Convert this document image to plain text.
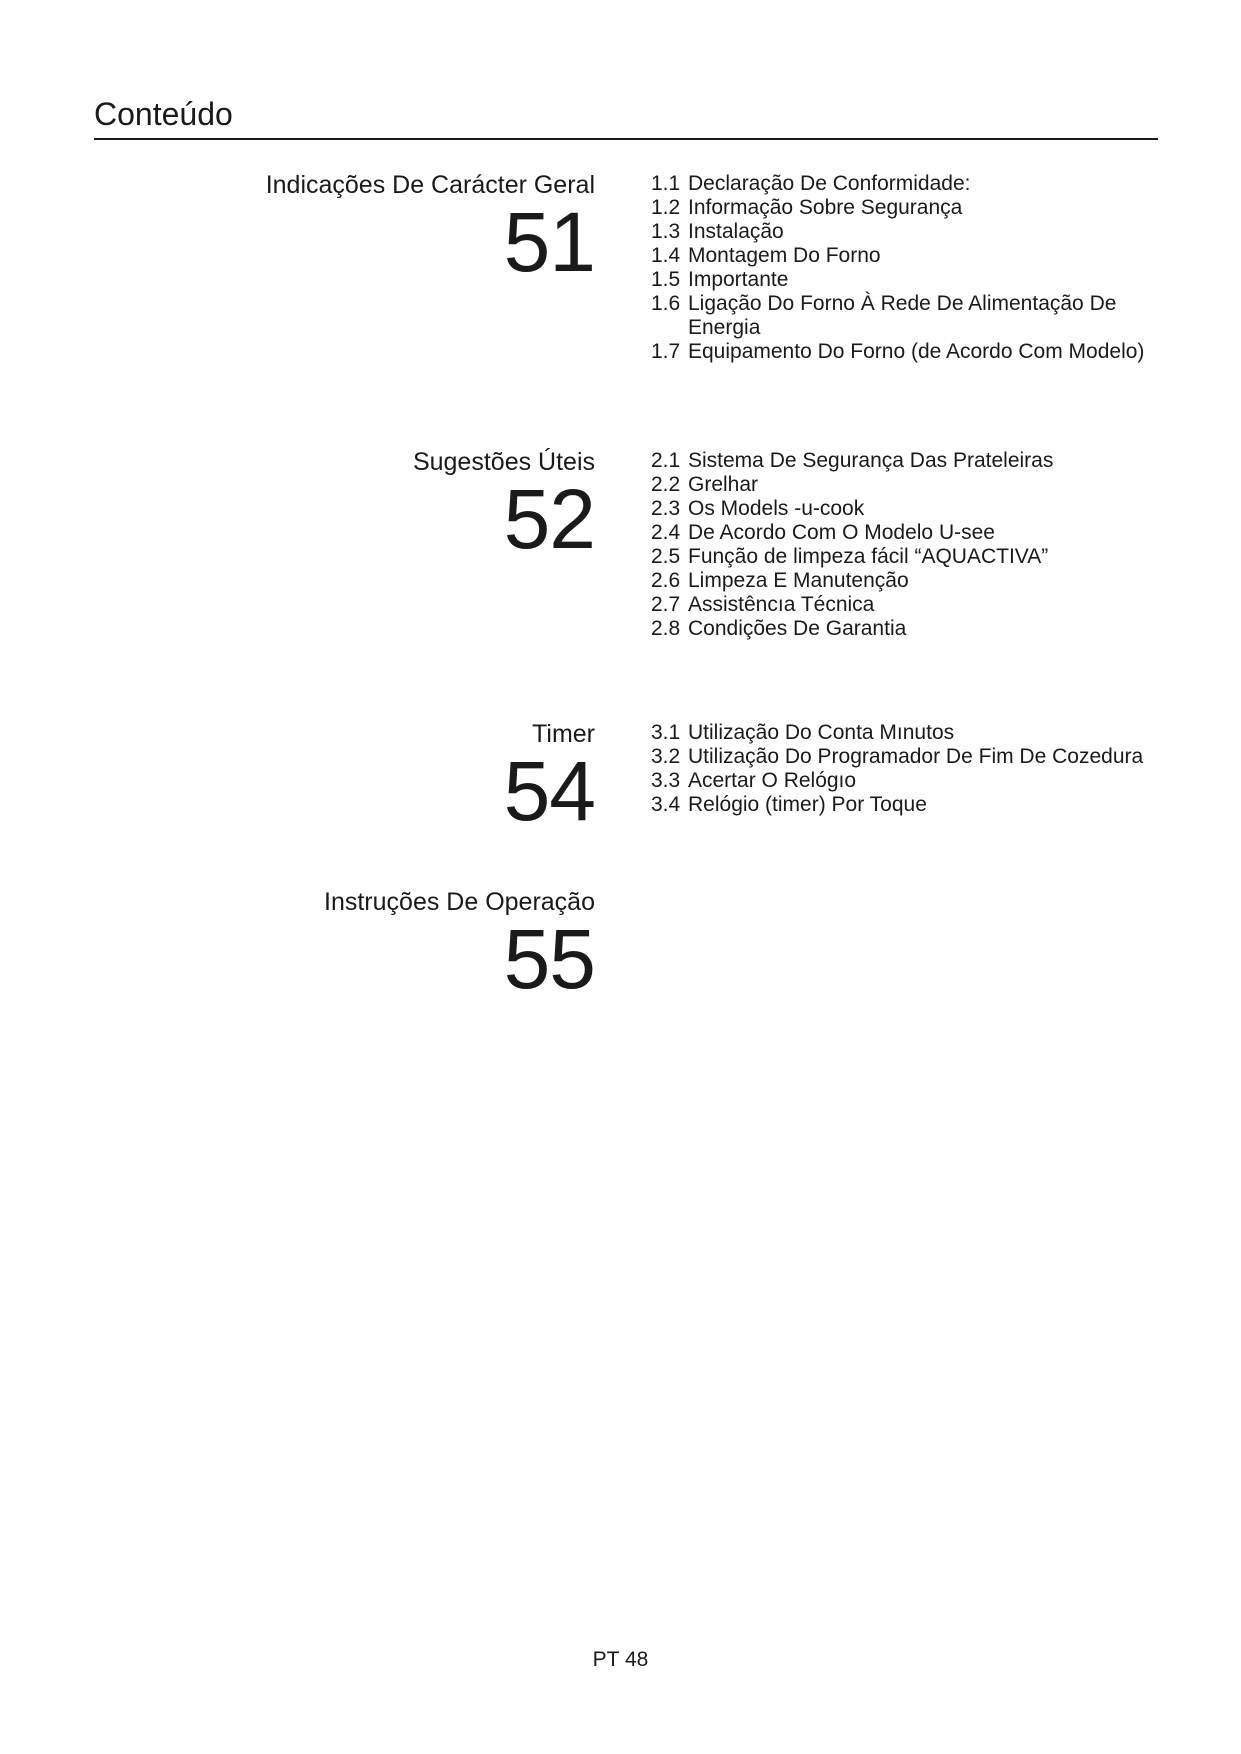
Conteúdo
Indicações De Carácter Geral
51
1.1 Declaração De Conformidade:
1.2 Informação Sobre Segurança
1.3 Instalação
1.4 Montagem Do Forno
1.5 Importante
1.6 Ligação Do Forno À Rede De Alimentação De Energia
1.7 Equipamento Do Forno (de Acordo Com Modelo)
Sugestões Úteis
52
2.1 Sistema De Segurança Das Prateleiras
2.2 Grelhar
2.3 Os Models -u-cook
2.4 De Acordo Com O Modelo U-see
2.5 Função de limpeza fácil “AQUACTIVA”
2.6 Limpeza E Manutenção
2.7 Assistêncıa Técnica
2.8 Condições De Garantia
Timer
54
3.1 Utilização Do Conta Mınutos
3.2 Utilização Do Programador De Fim De Cozedura
3.3 Acertar O Relógıo
3.4 Relógio (timer) Por Toque
Instruções De Operação
55
PT 48
